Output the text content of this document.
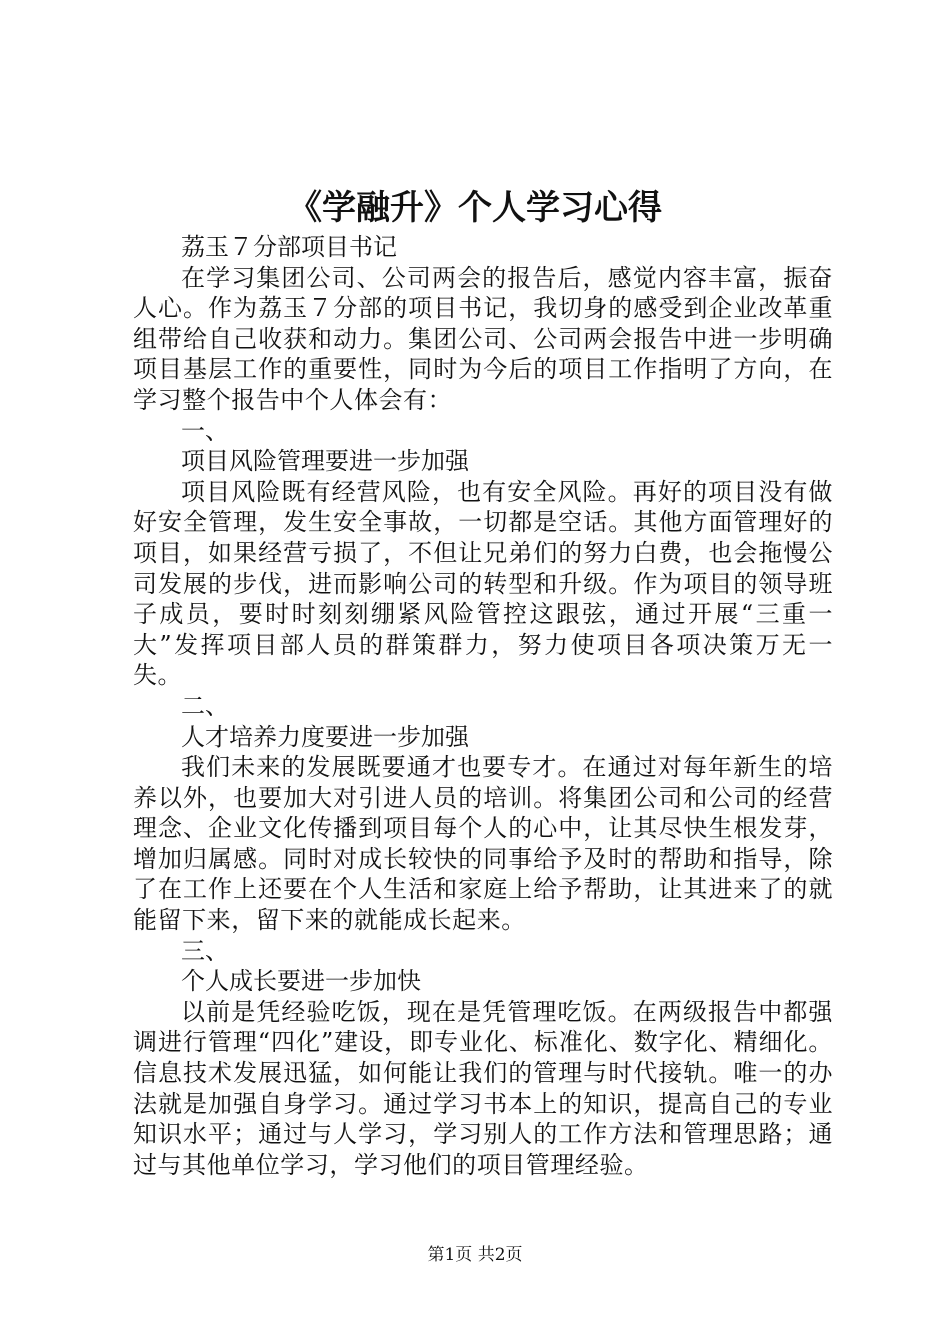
《学融升》个人学习心得

荔玉７分部项目书记

在学习集团公司、公司两会的报告后，感觉内容丰富，振奋人心。作为荔玉７分部的项目书记，我切身的感受到企业改革重组带给自己收获和动力。集团公司、公司两会报告中进一步明确项目基层工作的重要性，同时为今后的项目工作指明了方向，在学习整个报告中个人体会有：

一、

项目风险管理要进一步加强

项目风险既有经营风险，也有安全风险。再好的项目没有做好安全管理，发生安全事故，一切都是空话。其他方面管理好的项目，如果经营亏损了，不但让兄弟们的努力白费，也会拖慢公司发展的步伐，进而影响公司的转型和升级。作为项目的领导班子成员，要时时刻刻绷紧风险管控这跟弦，通过开展“三重一大”发挥项目部人员的群策群力，努力使项目各项决策万无一失。

二、

人才培养力度要进一步加强

我们未来的发展既要通才也要专才。在通过对每年新生的培养以外，也要加大对引进人员的培训。将集团公司和公司的经营理念、企业文化传播到项目每个人的心中，让其尽快生根发芽，增加归属感。同时对成长较快的同事给予及时的帮助和指导，除了在工作上还要在个人生活和家庭上给予帮助，让其进来了的就能留下来，留下来的就能成长起来。

三、

个人成长要进一步加快

以前是凭经验吃饭，现在是凭管理吃饭。在两级报告中都强调进行管理“四化”建设，即专业化、标准化、数字化、精细化。信息技术发展迅猛，如何能让我们的管理与时代接轨。唯一的办法就是加强自身学习。通过学习书本上的知识，提高自己的专业知识水平；通过与人学习，学习别人的工作方法和管理思路；通过与其他单位学习，学习他们的项目管理经验。

第1页 共2页
